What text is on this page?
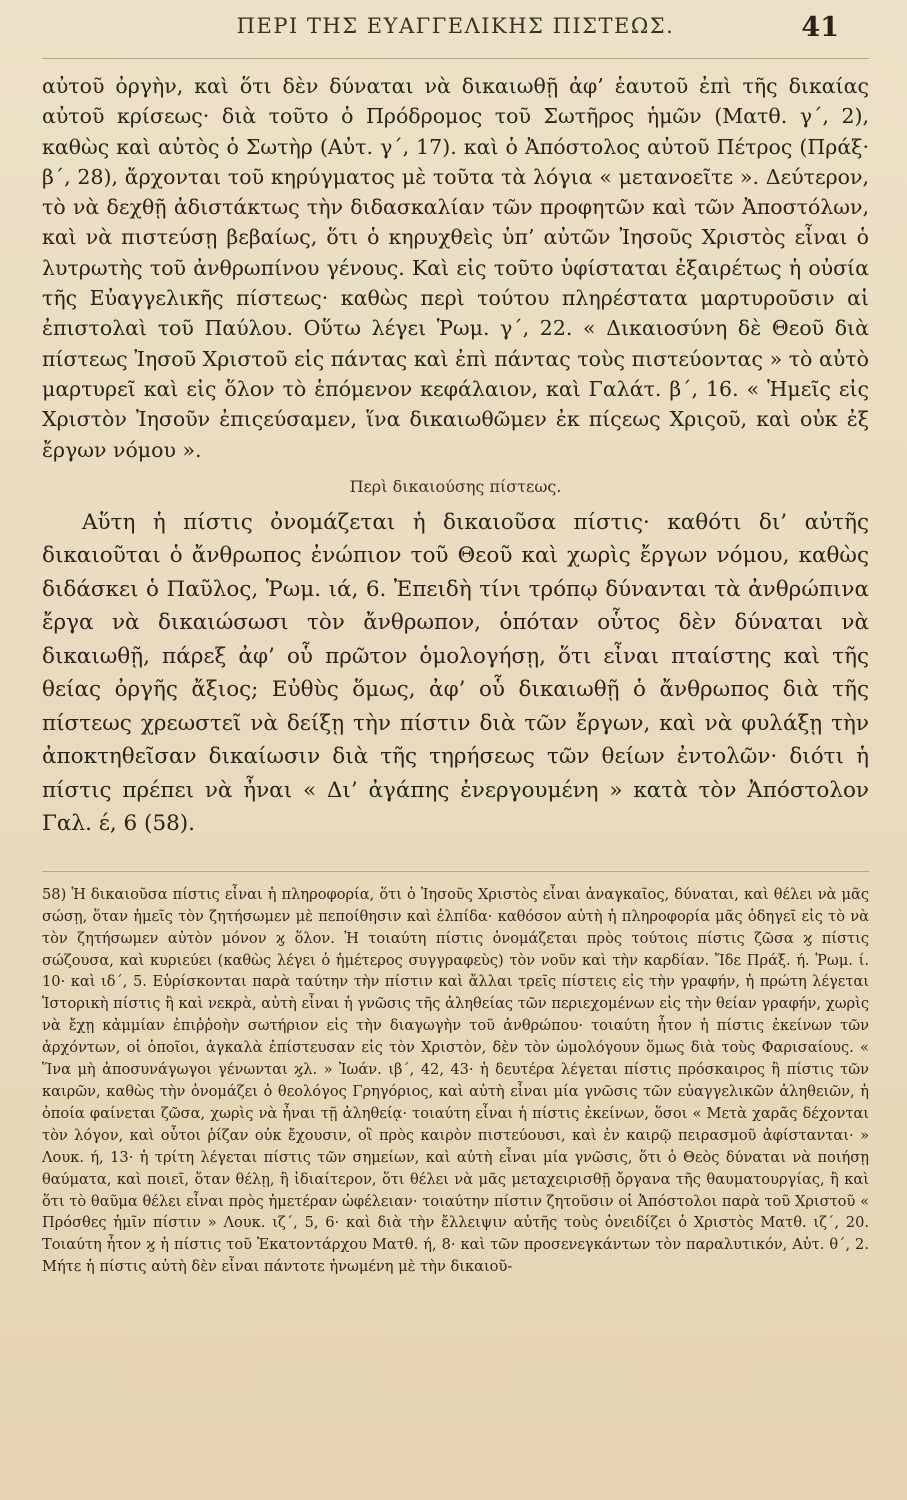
ΠΕΡΙ ΤΗΣ ΕΥΑΓΓΕΛΙΚΗΣ ΠΙΣΤΕΩΣ.	41

αὐτοῦ ὀργὴν, καὶ ὅτι δὲν δύναται νὰ δικαιωθῇ ἀφ’ ἑαυτοῦ ἐπὶ τῆς δικαίας αὐτοῦ κρίσεως· διὰ τοῦτο ὁ Πρόδρομος τοῦ Σωτῆρος ἡμῶν (Ματθ. γ΄, 2), καθὼς καὶ αὐτὸς ὁ Σωτὴρ (Αὐτ. γ΄, 17). καὶ ὁ Ἀπόστολος αὐτοῦ Πέτρος (Πράξ· β΄, 28), ἄρχονται τοῦ κηρύγματος μὲ τοῦτα τὰ λόγια « μετανοεῖτε ». Δεύτερον, τὸ νὰ δεχθῇ ἀδιστάκτως τὴν διδασκαλίαν τῶν προφητῶν καὶ τῶν Ἀποστόλων, καὶ νὰ πιστεύσῃ βεβαίως, ὅτι ὁ κηρυχθεὶς ὑπ’ αὐτῶν Ἰησοῦς Χριστὸς εἶναι ὁ λυτρωτὴς τοῦ ἀνθρωπίνου γένους. Καὶ εἰς τοῦτο ὑφίσταται ἐξαιρέτως ἡ οὐσία τῆς Εὐαγγελικῆς πίστεως· καθὼς περὶ τούτου πληρέστατα μαρτυροῦσιν αἱ ἐπιστολαὶ τοῦ Παύλου. Οὕτω λέγει Ῥωμ. γ΄, 22. « Δικαιοσύνη δὲ Θεοῦ διὰ πίστεως Ἰησοῦ Χριστοῦ εἰς πάντας καὶ ἐπὶ πάντας τοὺς πιστεύοντας » τὸ αὐτὸ μαρτυρεῖ καὶ εἰς ὅλον τὸ ἑπόμενον κεφάλαιον, καὶ Γαλάτ. β΄, 16. « Ἡμεῖς εἰς Χριστὸν Ἰησοῦν ἐπιςεύσαμεν, ἵνα δικαιωθῶμεν ἐκ πίςεως Χριςοῦ, καὶ οὐκ ἐξ ἔργων νόμου ».

Περὶ δικαιούσης πίστεως.

Αὕτη ἡ πίστις ὀνομάζεται ἡ δικαιοῦσα πίστις· καθότι δι’ αὐτῆς δικαιοῦται ὁ ἄνθρωπος ἐνώπιον τοῦ Θεοῦ καὶ χωρὶς ἔργων νόμου, καθὼς διδάσκει ὁ Παῦλος, Ῥωμ. ιά, 6. Ἐπειδὴ τίνι τρόπῳ δύνανται τὰ ἀνθρώπινα ἔργα νὰ δικαιώσωσι τὸν ἄνθρωπον, ὁπόταν οὗτος δὲν δύναται νὰ δικαιωθῇ, πάρεξ ἀφ’ οὗ πρῶτον ὁμολογήσῃ, ὅτι εἶναι πταίστης καὶ τῆς θείας ὀργῆς ἄξιος; Εὐθὺς ὅμως, ἀφ’ οὗ δικαιωθῇ ὁ ἄνθρωπος διὰ τῆς πίστεως χρεωστεῖ νὰ δείξῃ τὴν πίστιν διὰ τῶν ἔργων, καὶ νὰ φυλάξῃ τὴν ἀποκτηθεῖσαν δικαίωσιν διὰ τῆς τηρήσεως τῶν θείων ἐντολῶν· διότι ἡ πίστις πρέπει νὰ ἦναι « Δι’ ἀγάπης ἐνεργουμένη » κατὰ τὸν Ἀπόστολον Γαλ. έ, 6 (58).

58) Ἡ δικαιοῦσα πίστις εἶναι ἡ πληροφορία, ὅτι ὁ Ἰησοῦς Χριστὸς εἶναι ἀναγκαῖος, δύναται, καὶ θέλει νὰ μᾶς σώσῃ, ὅταν ἡμεῖς τὸν ζητήσωμεν μὲ πεποίθησιν καὶ ἐλπίδα· καθόσον αὐτὴ ἡ πληροφορία μᾶς ὁδηγεῖ εἰς τὸ νὰ τὸν ζητήσωμεν αὐτὸν μόνον ϗ ὅλον. Ἡ τοιαύτη πίστις ὀνομάζεται πρὸς τούτοις πίστις ζῶσα ϗ πίστις σώζουσα, καὶ κυριεύει (καθὼς λέγει ὁ ἡμέτερος συγγραφεὺς) τὸν νοῦν καὶ τὴν καρδίαν. Ἴδε Πράξ. ή. Ῥωμ. ί. 10· καὶ ιδ΄, 5. Εὑρίσκονται παρὰ ταύτην τὴν πίστιν καὶ ἄλλαι τρεῖς πίστεις εἰς τὴν γραφήν, ἡ πρώτη λέγεται Ἱστορικὴ πίστις ἢ καὶ νεκρὰ, αὐτὴ εἶναι ἡ γνῶσις τῆς ἀληθείας τῶν περιεχομένων εἰς τὴν θείαν γραφήν, χωρὶς νὰ ἔχῃ κἀμμίαν ἐπιῤῥοὴν σωτήριον εἰς τὴν διαγωγὴν τοῦ ἀνθρώπου· τοιαύτη ἦτον ἡ πίστις ἐκείνων τῶν ἀρχόντων, οἱ ὁποῖοι, ἀγκαλὰ ἐπίστευσαν εἰς τὸν Χριστὸν, δὲν τὸν ὡμολόγουν ὅμως διὰ τοὺς Φαρισαίους. « Ἵνα μὴ ἀποσυνάγωγοι γένωνται ϗλ. » Ἰωάν. ιβ΄, 42, 43· ἡ δευτέρα λέγεται πίστις πρόσκαιρος ἢ πίστις τῶν καιρῶν, καθὼς τὴν ὀνομάζει ὁ θεολόγος Γρηγόριος, καὶ αὐτὴ εἶναι μία γνῶσις τῶν εὐαγγελικῶν ἀληθειῶν, ἡ ὁποία φαίνεται ζῶσα, χωρὶς νὰ ἦναι τῇ ἀληθείᾳ· τοιαύτη εἶναι ἡ πίστις ἐκείνων, ὅσοι « Μετὰ χαρᾶς δέχονται τὸν λόγον, καὶ οὗτοι ῥίζαν οὐκ ἔχουσιν, οἳ πρὸς καιρὸν πιστεύουσι, καὶ ἐν καιρῷ πειρασμοῦ ἀφίστανται· » Λουκ. ή, 13· ἡ τρίτη λέγεται πίστις τῶν σημείων, καὶ αὐτὴ εἶναι μία γνῶσις, ὅτι ὁ Θεὸς δύναται νὰ ποιήσῃ θαύματα, καὶ ποιεῖ, ὅταν θέλῃ, ἢ ἰδιαίτερον, ὅτι θέλει νὰ μᾶς μεταχειρισθῇ ὄργανα τῆς θαυματουργίας, ἢ καὶ ὅτι τὸ θαῦμα θέλει εἶναι πρὸς ἡμετέραν ὠφέλειαν· τοιαύτην πίστιν ζητοῦσιν οἱ Ἀπόστολοι παρὰ τοῦ Χριστοῦ « Πρόσθες ἡμῖν πίστιν » Λουκ. ιζ΄, 5, 6· καὶ διὰ τὴν ἔλλειψιν αὐτῆς τοὺς ὀνειδίζει ὁ Χριστὸς Ματθ. ιζ΄, 20. Τοιαύτη ἦτον ϗ ἡ πίστις τοῦ Ἑκατοντάρχου Ματθ. ή, 8· καὶ τῶν προσενεγκάντων τὸν παραλυτικόν, Αὐτ. θ΄, 2. Μήτε ἡ πίστις αὐτὴ δὲν εἶναι πάντοτε ἡνωμένη μὲ τὴν δικαιοῦ-
